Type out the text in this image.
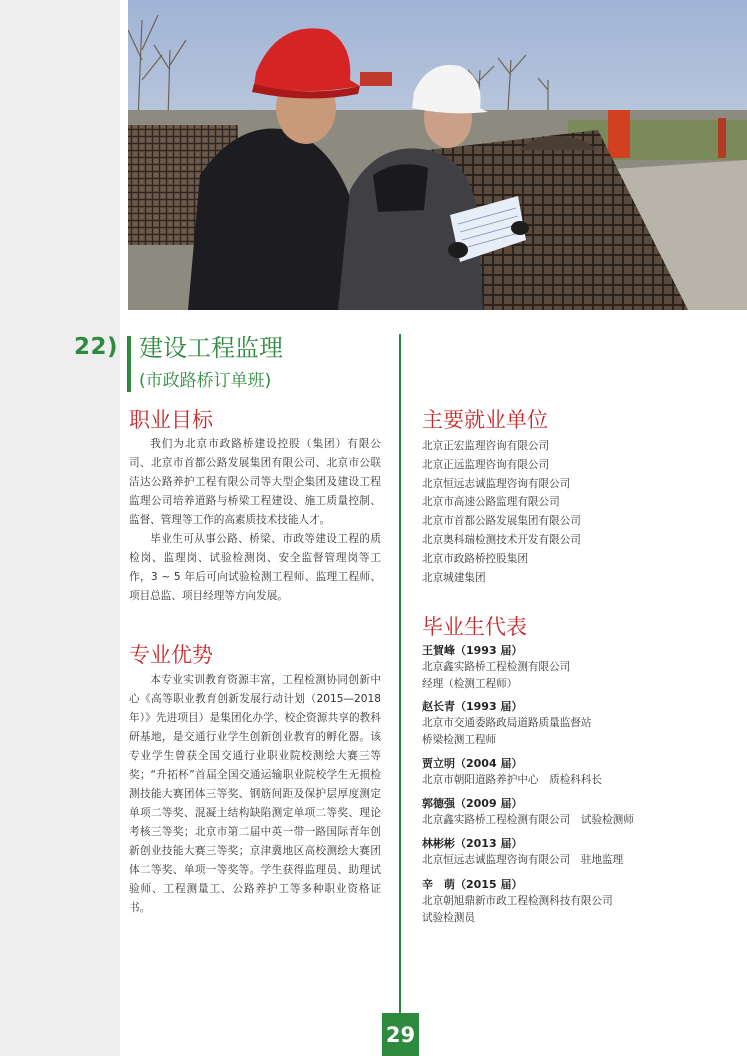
22) 建设工程监理
(市政路桥订单班)
职业目标

我们为北京市政路桥建设控股（集团）有限公司、北京市首都公路发展集团有限公司、北京市公联洁达公路养护工程有限公司等大型企集团及建设工程监理公司培养道路与桥梁工程建设、施工质量控制、监督、管理等工作的高素质技术技能人才。

毕业生可从事公路、桥梁、市政等建设工程的质检岗、监理岗、试验检测岗、安全监督管理岗等工作，3 ~ 5 年后可向试验检测工程师、监理工程师、项目总监、项目经理等方向发展。

专业优势

本专业实训教育资源丰富，工程检测协同创新中心《高等职业教育创新发展行动计划（2015—2018 年）》先进项目）是集团化办学、校企资源共享的教科研基地，是交通行业学生创新创业教育的孵化器。该专业学生曾获全国交通行业职业院校测绘大赛三等奖；“升拓杯”首届全国交通运输职业院校学生无损检测技能大赛团体三等奖、钢筋间距及保护层厚度测定单项二等奖、混凝土结构缺陷测定单项二等奖、理论考核三等奖；北京市第二届中英一带一路国际青年创新创业技能大赛三等奖；京津冀地区高校测绘大赛团体二等奖、单项一等奖等。学生获得监理员、助理试验师、工程测量工、公路养护工等多种职业资格证书。

主要就业单位
北京正宏监理咨询有限公司
北京正远监理咨询有限公司
北京恒远志诚监理咨询有限公司
北京市高速公路监理有限公司
北京市首都公路发展集团有限公司
北京奥科瑞检测技术开发有限公司
北京市政路桥控股集团
北京城建集团
毕业生代表
王賀峰（1993 届）
北京鑫实路桥工程检测有限公司
经理（检测工程师）
赵长青（1993 届）
北京市交通委路政局道路质量监督站
桥梁检测工程师
贾立明（2004 届）
北京市朝阳道路养护中心　质检科科长
郭德强（2009 届）
北京鑫实路桥工程检测有限公司　试验检测师
林彬彬（2013 届）
北京恒远志诚监理咨询有限公司　驻地监理
辛　萌（2015 届）
北京朝旭鼎新市政工程检测科技有限公司
试验检测员
29
